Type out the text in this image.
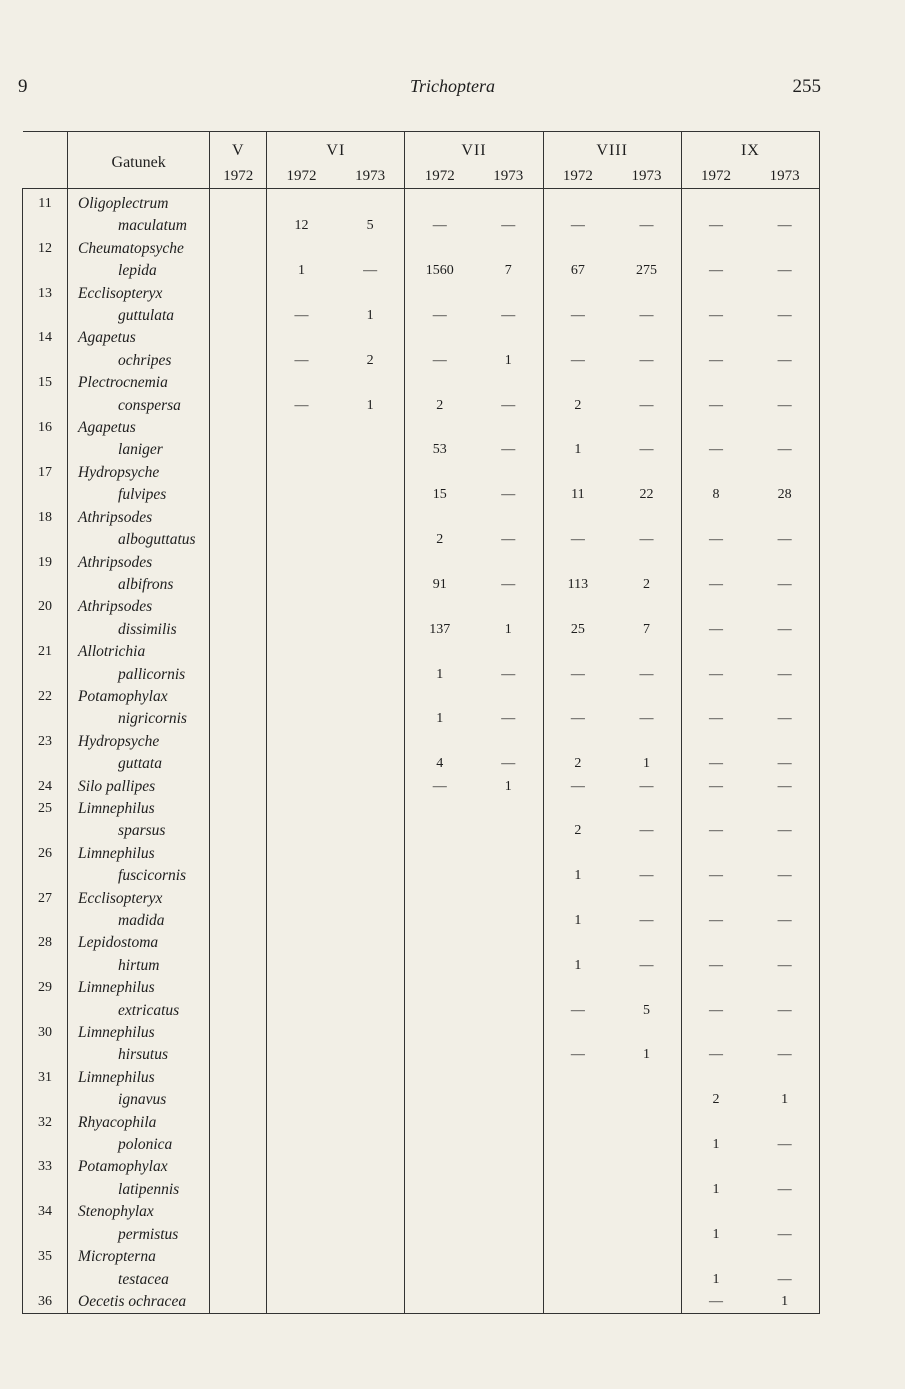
9	Trichoptera	255
	Gatunek	V	VI		VII		VIII		IX	
		1972	1972	1973	1972	1973	1972	1973	1972	1973
11	Oligoplectrum									
	maculatum		12	5	—	—	—	—	—	—
12	Cheumatopsyche									
	lepida		1	—	1560	7	67	275	—	—
13	Ecclisopteryx									
	guttulata		—	1	—	—	—	—	—	—
14	Agapetus									
	ochripes		—	2	—	1	—	—	—	—
15	Plectrocnemia									
	conspersa		—	1	2	—	2	—	—	—
16	Agapetus									
	laniger				53	—	1	—	—	—
17	Hydropsyche									
	fulvipes				15	—	11	22	8	28
18	Athripsodes									
	alboguttatus				2	—	—	—	—	—
19	Athripsodes									
	albifrons				91	—	113	2	—	—
20	Athripsodes									
	dissimilis				137	1	25	7	—	—
21	Allotrichia									
	pallicornis				1	—	—	—	—	—
22	Potamophylax									
	nigricornis				1	—	—	—	—	—
23	Hydropsyche									
	guttata				4	—	2	1	—	—
24	Silo pallipes				—	1	—	—	—	—
25	Limnephilus									
	sparsus						2	—	—	—
26	Limnephilus									
	fuscicornis						1	—	—	—
27	Ecclisopteryx									
	madida						1	—	—	—
28	Lepidostoma									
	hirtum						1	—	—	—
29	Limnephilus									
	extricatus						—	5	—	—
30	Limnephilus									
	hirsutus						—	1	—	—
31	Limnephilus									
	ignavus								2	1
32	Rhyacophila									
	polonica								1	—
33	Potamophylax									
	latipennis								1	—
34	Stenophylax									
	permistus								1	—
35	Micropterna									
	testacea								1	—
36	Oecetis ochracea								—	1
